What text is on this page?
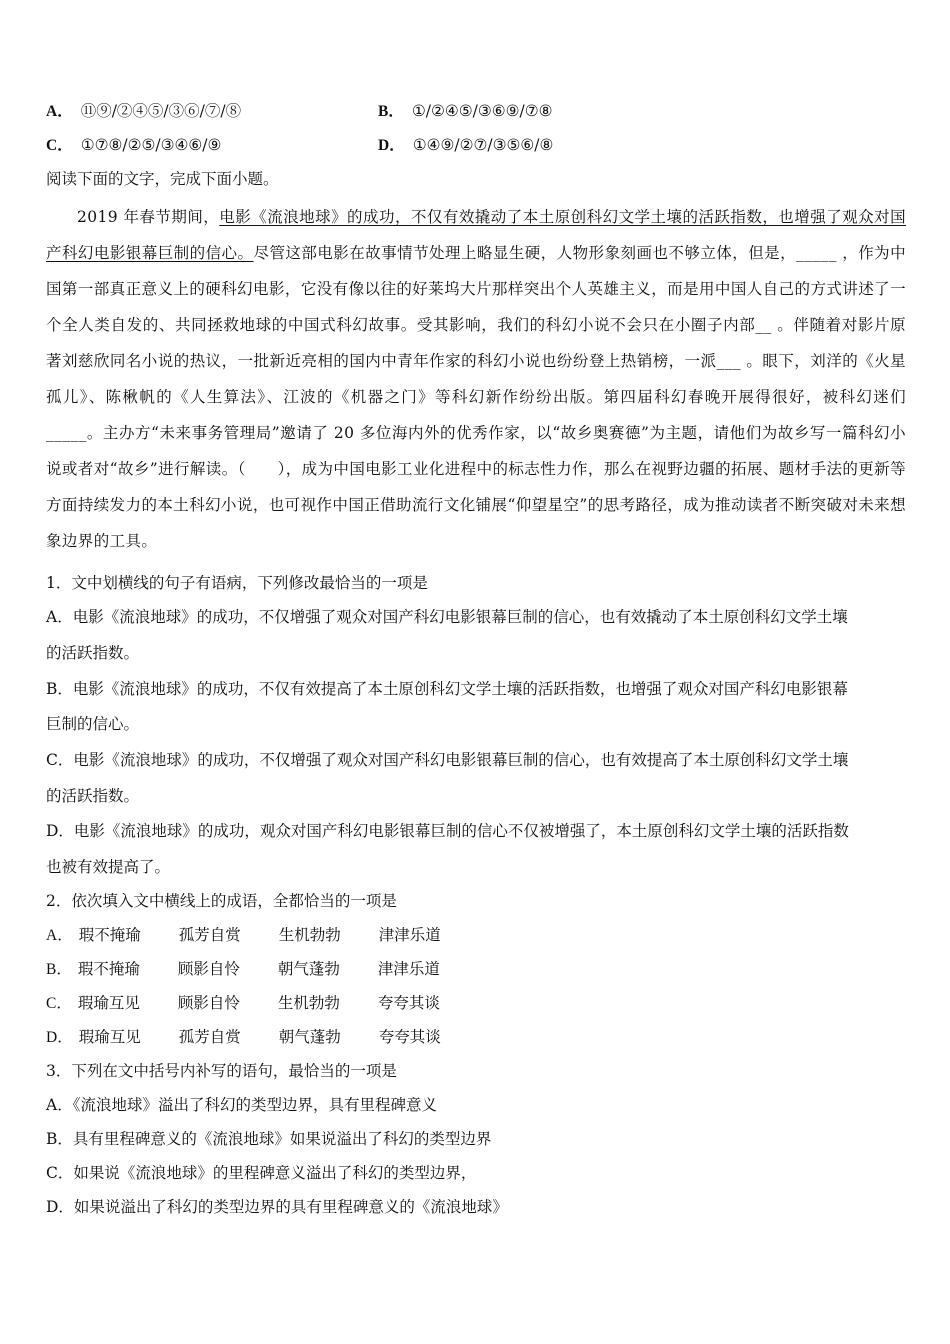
A． ⑪⑨/②④⑤/③⑥/⑦/⑧	B． ①/②④⑤/③⑥⑨/⑦⑧
C． ①⑦⑧/②⑤/③④⑥/⑨	D． ①④⑨/②⑦/③⑤⑥/⑧
阅读下面的文字，完成下面小题。
2019 年春节期间，电影《流浪地球》的成功，不仅有效撬动了本土原创科幻文学土壤的活跃指数，也增强了观众对国产科幻电影银幕巨制的信心。尽管这部电影在故事情节处理上略显生硬，人物形象刻画也不够立体，但是，_____ ，作为中国第一部真正意义上的硬科幻电影，它没有像以往的好莱坞大片那样突出个人英雄主义，而是用中国人自己的方式讲述了一个全人类自发的、共同拯救地球的中国式科幻故事。受其影响，我们的科幻小说不会只在小圈子内部__ 。伴随着对影片原著刘慈欣同名小说的热议，一批新近亮相的国内中青年作家的科幻小说也纷纷登上热销榜，一派___ 。眼下，刘洋的《火星孤儿》、陈楸帆的《人生算法》、江波的《机器之门》等科幻新作纷纷出版。第四届科幻春晚开展得很好，被科幻迷们_____。主办方“未来事务管理局”邀请了 20 多位海内外的优秀作家，以“故乡奥赛德”为主题，请他们为故乡写一篇科幻小说或者对“故乡”进行解读。（　　），成为中国电影工业化进程中的标志性力作，那么在视野边疆的拓展、题材手法的更新等方面持续发力的本土科幻小说，也可视作中国正借助流行文化铺展“仰望星空”的思考路径，成为推动读者不断突破对未来想象边界的工具。
1．文中划横线的句子有语病，下列修改最恰当的一项是
A．电影《流浪地球》的成功，不仅增强了观众对国产科幻电影银幕巨制的信心，也有效撬动了本土原创科幻文学土壤
的活跃指数。
B．电影《流浪地球》的成功，不仅有效提高了本土原创科幻文学土壤的活跃指数，也增强了观众对国产科幻电影银幕
巨制的信心。
C．电影《流浪地球》的成功，不仅增强了观众对国产科幻电影银幕巨制的信心，也有效提高了本土原创科幻文学土壤
的活跃指数。
D．电影《流浪地球》的成功，观众对国产科幻电影银幕巨制的信心不仅被增强了，本土原创科幻文学土壤的活跃指数
也被有效提高了。
2．依次填入文中横线上的成语，全都恰当的一项是
A． 瑕不掩瑜 孤芳自赏 生机勃勃 津津乐道
B． 瑕不掩瑜 顾影自怜 朝气蓬勃 津津乐道
C． 瑕瑜互见 顾影自怜 生机勃勃 夸夸其谈
D． 瑕瑜互见 孤芳自赏 朝气蓬勃 夸夸其谈
3．下列在文中括号内补写的语句，最恰当的一项是
A．《流浪地球》溢出了科幻的类型边界，具有里程碑意义
B．具有里程碑意义的《流浪地球》如果说溢出了科幻的类型边界
C．如果说《流浪地球》的里程碑意义溢出了科幻的类型边界，
D．如果说溢出了科幻的类型边界的具有里程碑意义的《流浪地球》
